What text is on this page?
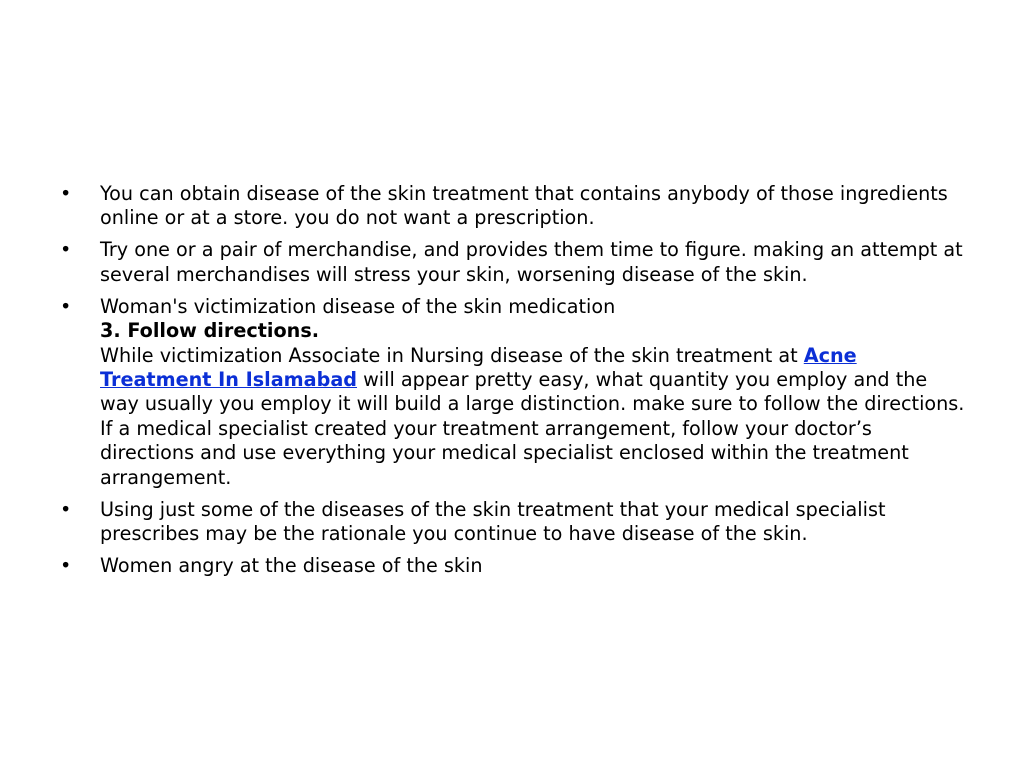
• You can obtain disease of the skin treatment that contains anybody of those ingredients online or at a store. you do not want a prescription.
• Try one or a pair of merchandise, and provides them time to figure. making an attempt at several merchandises will stress your skin, worsening disease of the skin.
• Woman's victimization disease of the skin medication
3. Follow directions.
While victimization Associate in Nursing disease of the skin treatment at Acne Treatment In Islamabad will appear pretty easy, what quantity you employ and the way usually you employ it will build a large distinction. make sure to follow the directions. If a medical specialist created your treatment arrangement, follow your doctor’s directions and use everything your medical specialist enclosed within the treatment arrangement.
• Using just some of the diseases of the skin treatment that your medical specialist prescribes may be the rationale you continue to have disease of the skin.
• Women angry at the disease of the skin
